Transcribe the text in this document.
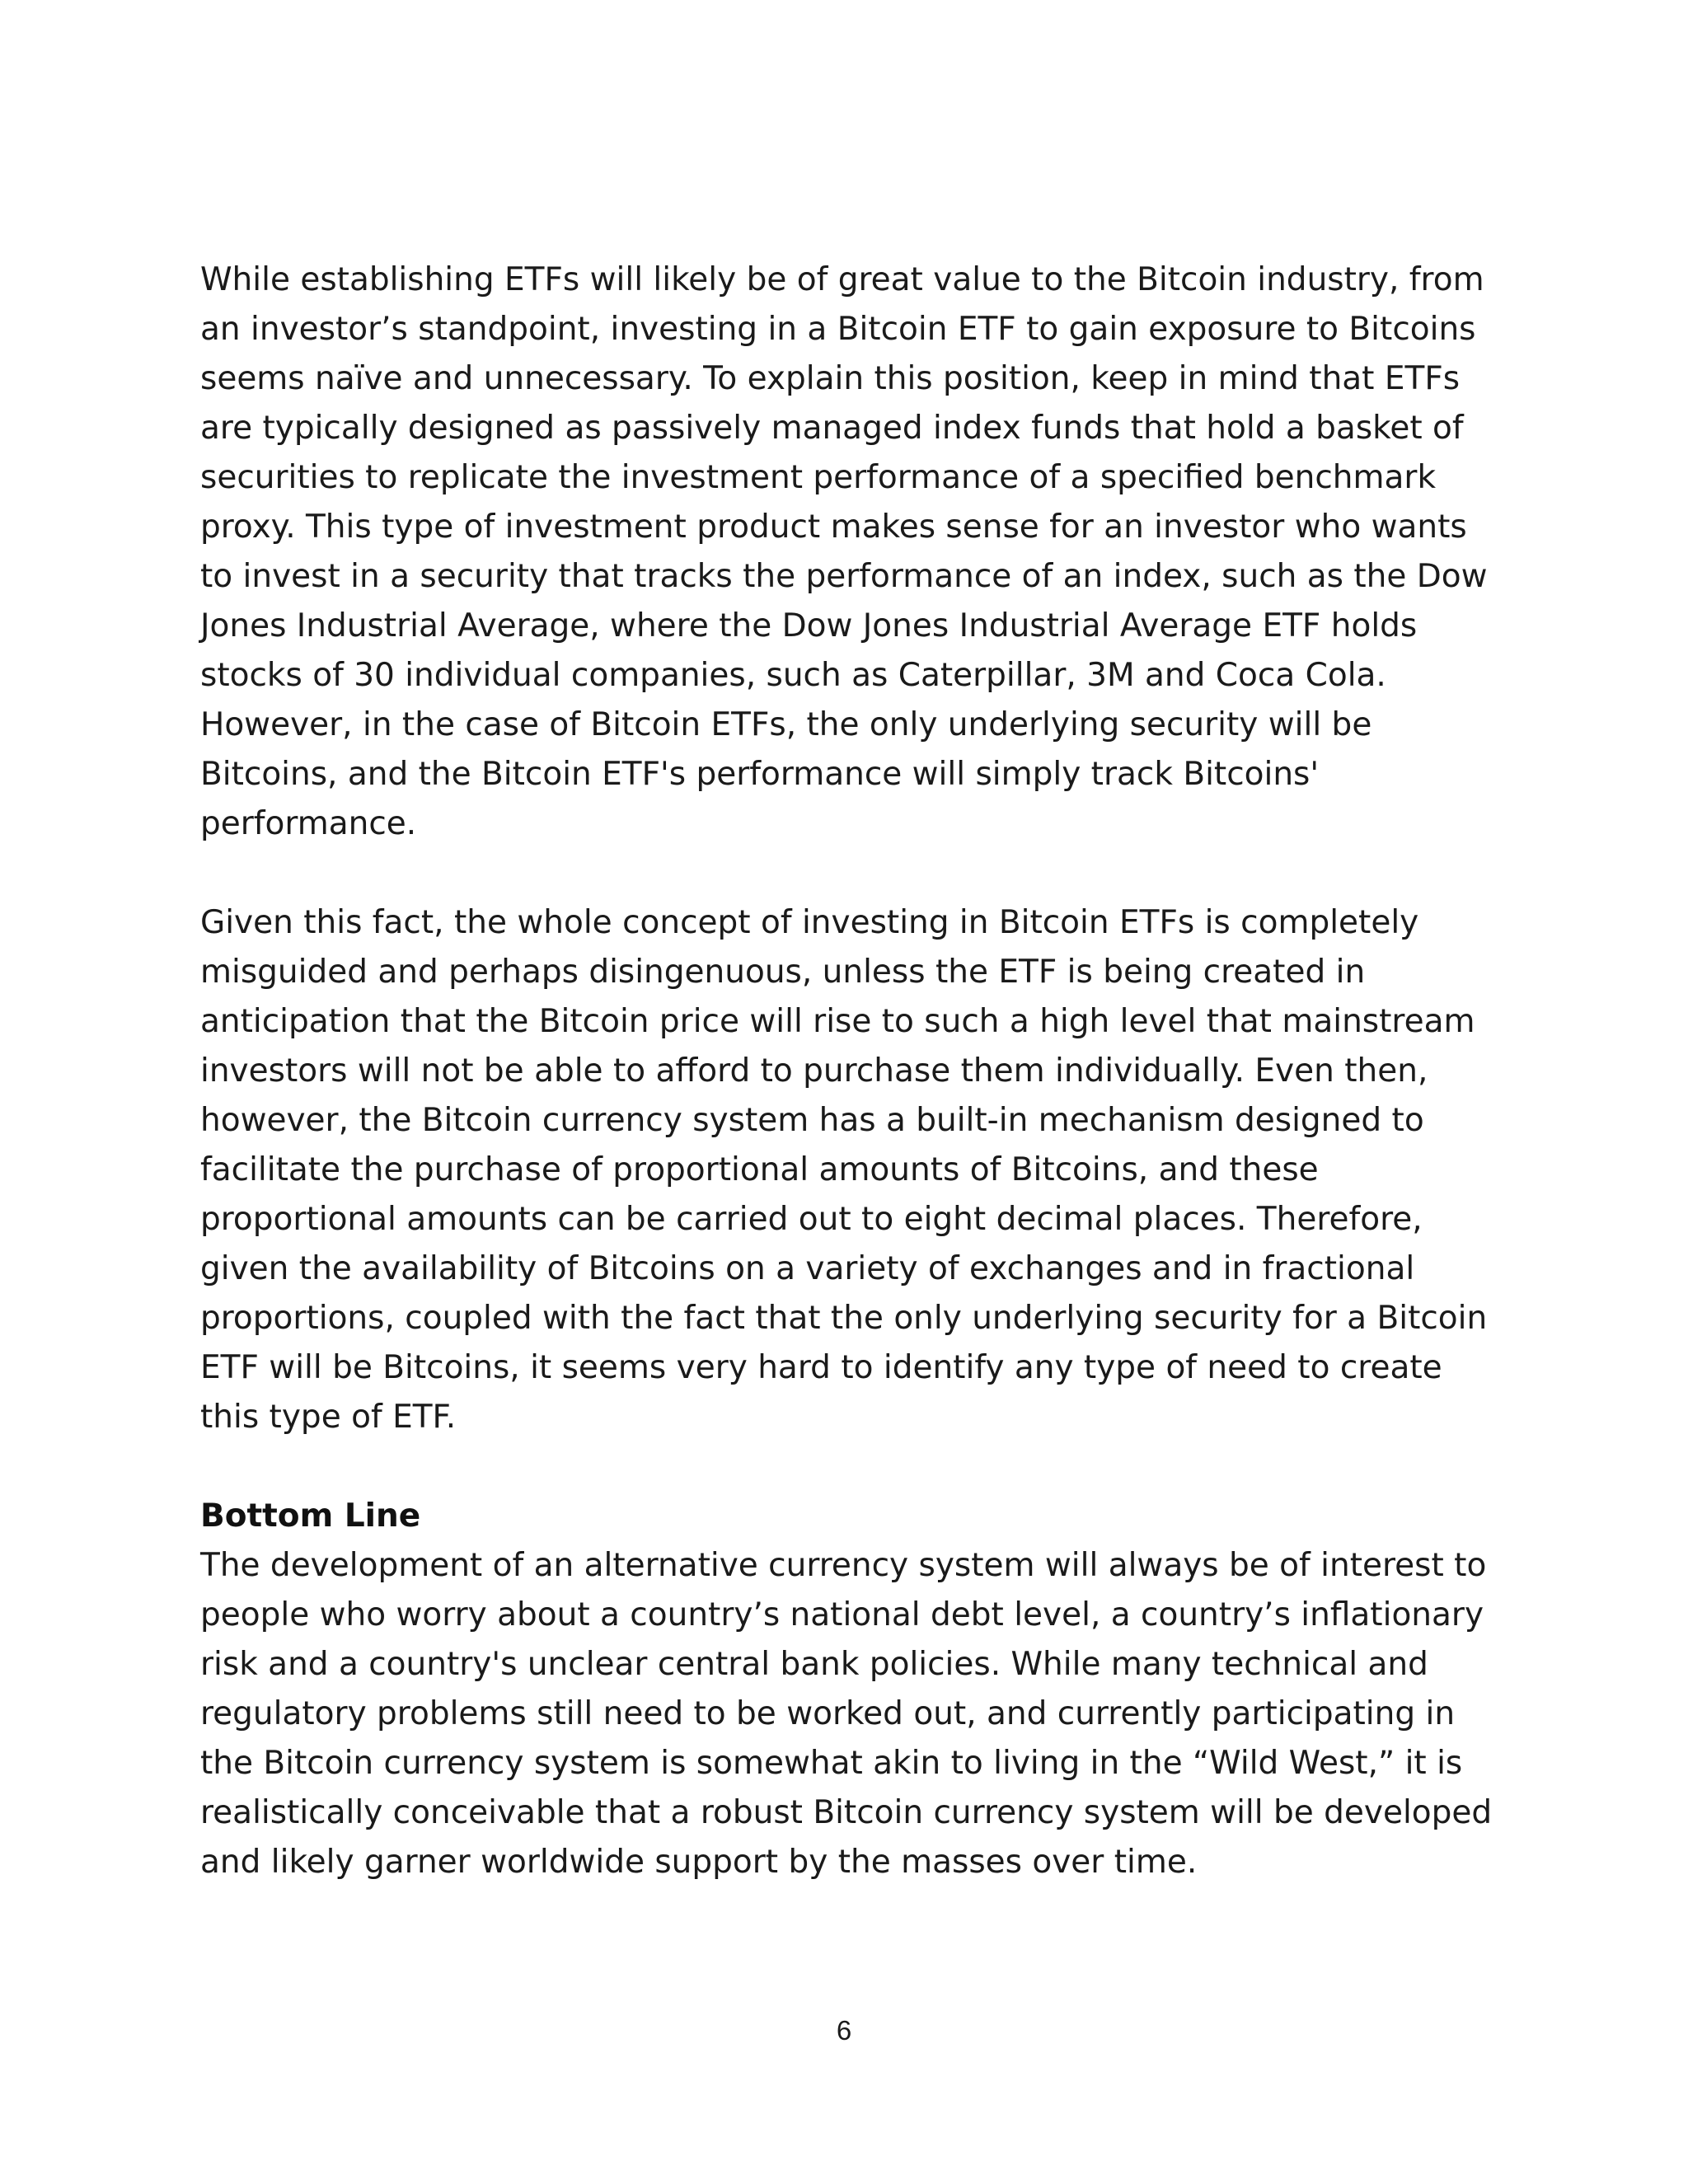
While establishing ETFs will likely be of great value to the Bitcoin industry, from
an investor’s standpoint, investing in a Bitcoin ETF to gain exposure to Bitcoins
seems naïve and unnecessary. To explain this position, keep in mind that ETFs
are typically designed as passively managed index funds that hold a basket of
securities to replicate the investment performance of a specified benchmark
proxy. This type of investment product makes sense for an investor who wants
to invest in a security that tracks the performance of an index, such as the Dow
Jones Industrial Average, where the Dow Jones Industrial Average ETF holds
stocks of 30 individual companies, such as Caterpillar, 3M and Coca Cola.
However, in the case of Bitcoin ETFs, the only underlying security will be
Bitcoins, and the Bitcoin ETF's performance will simply track Bitcoins'
performance.

Given this fact, the whole concept of investing in Bitcoin ETFs is completely
misguided and perhaps disingenuous, unless the ETF is being created in
anticipation that the Bitcoin price will rise to such a high level that mainstream
investors will not be able to afford to purchase them individually. Even then,
however, the Bitcoin currency system has a built-in mechanism designed to
facilitate the purchase of proportional amounts of Bitcoins, and these
proportional amounts can be carried out to eight decimal places. Therefore,
given the availability of Bitcoins on a variety of exchanges and in fractional
proportions, coupled with the fact that the only underlying security for a Bitcoin
ETF will be Bitcoins, it seems very hard to identify any type of need to create
this type of ETF.

Bottom Line

The development of an alternative currency system will always be of interest to
people who worry about a country’s national debt level, a country’s inflationary
risk and a country's unclear central bank policies. While many technical and
regulatory problems still need to be worked out, and currently participating in
the Bitcoin currency system is somewhat akin to living in the “Wild West,” it is
realistically conceivable that a robust Bitcoin currency system will be developed
and likely garner worldwide support by the masses over time.

6
